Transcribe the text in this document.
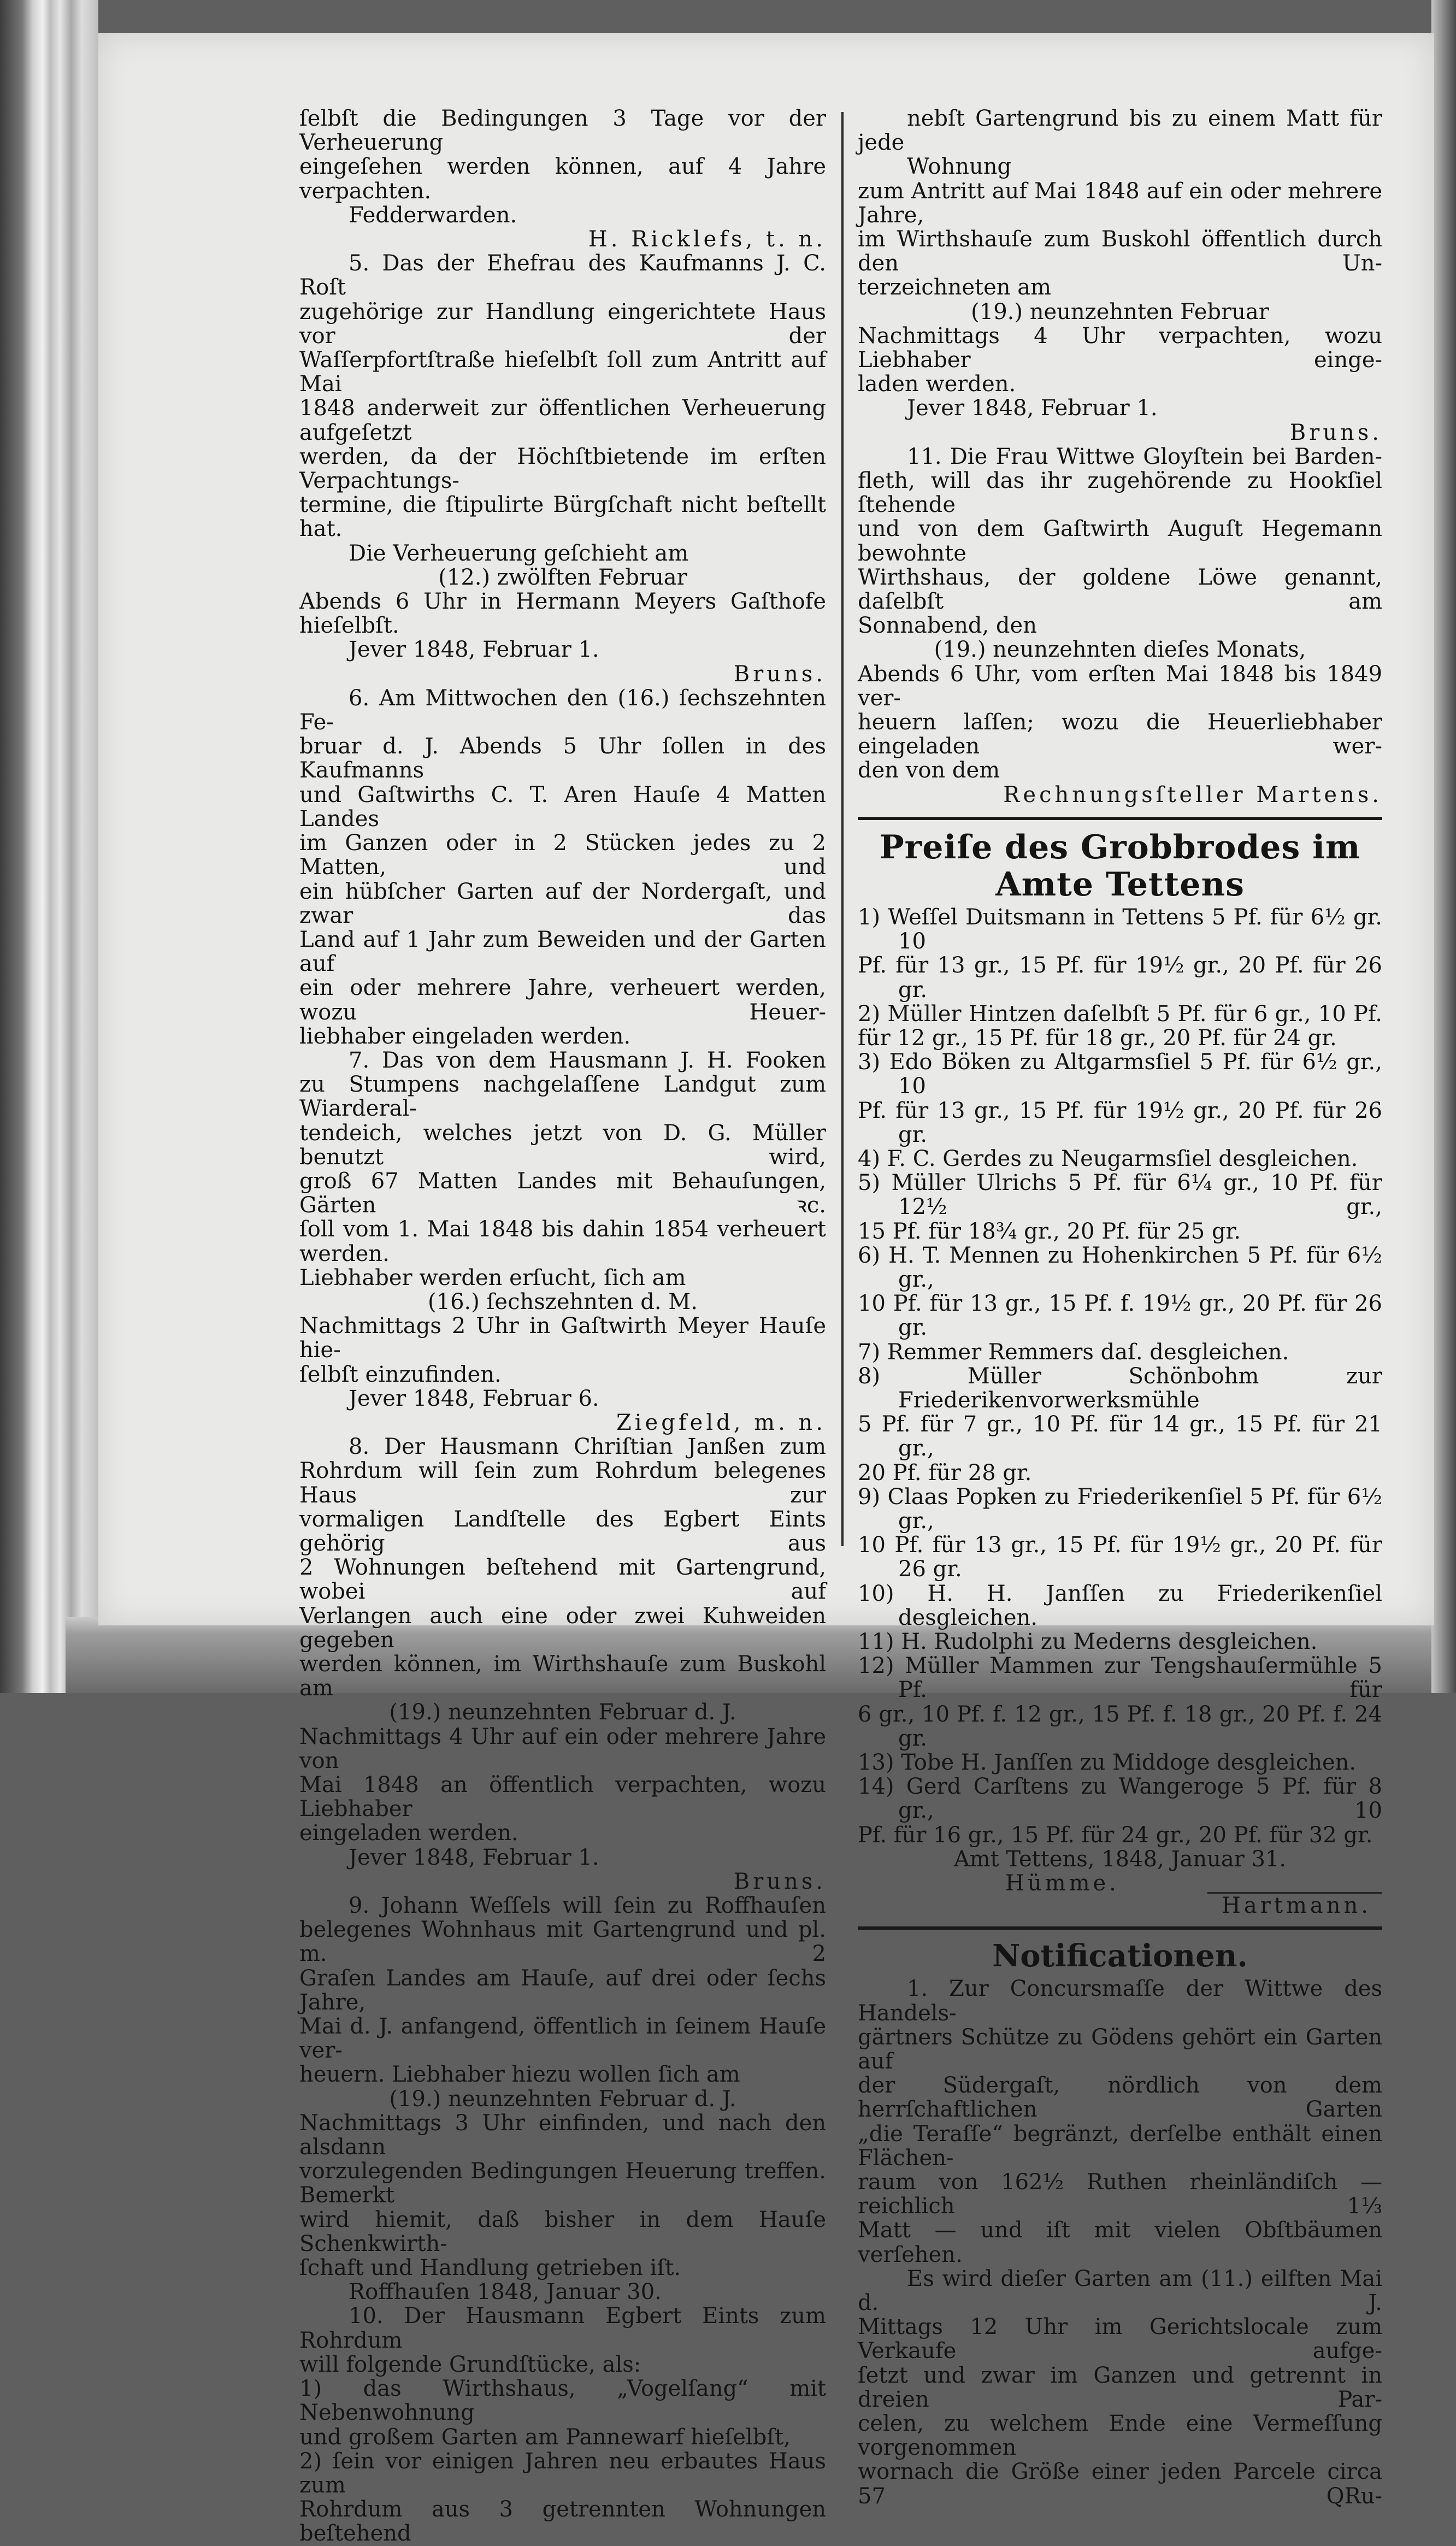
ſelbſt die Bedingungen 3 Tage vor der Verheuerung

eingeſehen werden können, auf 4 Jahre verpachten.

Fedderwarden.

H. Ricklefs, t. n.

5. Das der Ehefrau des Kaufmanns J. C. Roſt

zugehörige zur Handlung eingerichtete Haus vor der

Waſſerpfortſtraße hieſelbſt ſoll zum Antritt auf Mai

1848 anderweit zur öffentlichen Verheuerung aufgeſetzt

werden, da der Höchſtbietende im erſten Verpachtungs-

termine, die ſtipulirte Bürgſchaft nicht beſtellt hat.

Die Verheuerung geſchieht am

(12.) zwölften Februar

Abends 6 Uhr in Hermann Meyers Gaſthofe hieſelbſt.

Jever 1848, Februar 1.

Bruns.

6. Am Mittwochen den (16.) ſechszehnten Fe-

bruar d. J. Abends 5 Uhr ſollen in des Kaufmanns

und Gaſtwirths C. T. Aren Hauſe 4 Matten Landes

im Ganzen oder in 2 Stücken jedes zu 2 Matten, und

ein hübſcher Garten auf der Nordergaſt, und zwar das

Land auf 1 Jahr zum Beweiden und der Garten auf

ein oder mehrere Jahre, verheuert werden, wozu Heuer-

liebhaber eingeladen werden.

7. Das von dem Hausmann J. H. Fooken

zu Stumpens nachgelaſſene Landgut zum Wiarderal-

tendeich, welches jetzt von D. G. Müller benutzt wird,

groß 67 Matten Landes mit Behauſungen, Gärten ꝛc.

ſoll vom 1. Mai 1848 bis dahin 1854 verheuert werden.

Liebhaber werden erſucht, ſich am

(16.) ſechszehnten d. M.

Nachmittags 2 Uhr in Gaſtwirth Meyer Hauſe hie-

ſelbſt einzufinden.

Jever 1848, Februar 6.

Ziegfeld, m. n.

8. Der Hausmann Chriſtian Janßen zum

Rohrdum will ſein zum Rohrdum belegenes Haus zur

vormaligen Landſtelle des Egbert Eints gehörig aus

2 Wohnungen beſtehend mit Gartengrund, wobei auf

Verlangen auch eine oder zwei Kuhweiden gegeben

werden können, im Wirthshauſe zum Buskohl am

(19.) neunzehnten Februar d. J.

Nachmittags 4 Uhr auf ein oder mehrere Jahre von

Mai 1848 an öffentlich verpachten, wozu Liebhaber

eingeladen werden.

Jever 1848, Februar 1.

Bruns.

9. Johann Weſſels will ſein zu Roffhauſen

belegenes Wohnhaus mit Gartengrund und pl. m. 2

Graſen Landes am Hauſe, auf drei oder ſechs Jahre,

Mai d. J. anfangend, öffentlich in ſeinem Hauſe ver-

heuern. Liebhaber hiezu wollen ſich am

(19.) neunzehnten Februar d. J.

Nachmittags 3 Uhr einfinden, und nach den alsdann

vorzulegenden Bedingungen Heuerung treffen. Bemerkt

wird hiemit, daß bisher in dem Hauſe Schenkwirth-

ſchaft und Handlung getrieben iſt.

Roffhauſen 1848, Januar 30.

10. Der Hausmann Egbert Eints zum Rohrdum

will folgende Grundſtücke, als:

1) das Wirthshaus, „Vogelſang“ mit Nebenwohnung

und großem Garten am Pannewarf hieſelbſt,

2) ſein vor einigen Jahren neu erbautes Haus zum

Rohrdum aus 3 getrennten Wohnungen beſtehend

nebſt Gartengrund bis zu einem Matt für jede

Wohnung

zum Antritt auf Mai 1848 auf ein oder mehrere Jahre,

im Wirthshauſe zum Buskohl öffentlich durch den Un-

terzeichneten am

(19.) neunzehnten Februar

Nachmittags 4 Uhr verpachten, wozu Liebhaber einge-

laden werden.

Jever 1848, Februar 1.

Bruns.

11. Die Frau Wittwe Gloyſtein bei Barden-

fleth, will das ihr zugehörende zu Hookſiel ſtehende

und von dem Gaſtwirth Auguſt Hegemann bewohnte

Wirthshaus, der goldene Löwe genannt, daſelbſt am

Sonnabend, den

(19.) neunzehnten dieſes Monats,

Abends 6 Uhr, vom erſten Mai 1848 bis 1849 ver-

heuern laſſen; wozu die Heuerliebhaber eingeladen wer-

den von dem

Rechnungsſteller Martens.

Preiſe des Grobbrodes im Amte Tettens

1) Weſſel Duitsmann in Tettens 5 Pf. für 6½ gr. 10

Pf. für 13 gr., 15 Pf. für 19½ gr., 20 Pf. für 26 gr.

2) Müller Hintzen daſelbſt 5 Pf. für 6 gr., 10 Pf.

für 12 gr., 15 Pf. für 18 gr., 20 Pf. für 24 gr.

3) Edo Böken zu Altgarmsſiel 5 Pf. für 6½ gr., 10

Pf. für 13 gr., 15 Pf. für 19½ gr., 20 Pf. für 26 gr.

4) F. C. Gerdes zu Neugarmsſiel desgleichen.

5) Müller Ulrichs 5 Pf. für 6¼ gr., 10 Pf. für 12½ gr.,

15 Pf. für 18¾ gr., 20 Pf. für 25 gr.

6) H. T. Mennen zu Hohenkirchen 5 Pf. für 6½ gr.,

10 Pf. für 13 gr., 15 Pf. f. 19½ gr., 20 Pf. für 26 gr.

7) Remmer Remmers daſ. desgleichen.

8) Müller Schönbohm zur Friederikenvorwerksmühle

5 Pf. für 7 gr., 10 Pf. für 14 gr., 15 Pf. für 21 gr.,

20 Pf. für 28 gr.

9) Claas Popken zu Friederikenſiel 5 Pf. für 6½ gr.,

10 Pf. für 13 gr., 15 Pf. für 19½ gr., 20 Pf. für 26 gr.

10) H. H. Janſſen zu Friederikenſiel desgleichen.

11) H. Rudolphi zu Mederns desgleichen.

12) Müller Mammen zur Tengshauſermühle 5 Pf. für

6 gr., 10 Pf. f. 12 gr., 15 Pf. f. 18 gr., 20 Pf. f. 24 gr.

13) Tobe H. Janſſen zu Middoge desgleichen.

14) Gerd Carſtens zu Wangeroge 5 Pf. für 8 gr., 10

Pf. für 16 gr., 15 Pf. für 24 gr., 20 Pf. für 32 gr.

Amt Tettens, 1848, Januar 31.

Hümme.

Hartmann.

Notificationen.

1. Zur Concursmaſſe der Wittwe des Handels-

gärtners Schütze zu Gödens gehört ein Garten auf

der Südergaſt, nördlich von dem herrſchaftlichen Garten

„die Teraſſe“ begränzt, derſelbe enthält einen Flächen-

raum von 162½ Ruthen rheinländiſch — reichlich 1⅓

Matt — und iſt mit vielen Obſtbäumen verſehen.

Es wird dieſer Garten am (11.) eilften Mai d. J.

Mittags 12 Uhr im Gerichtslocale zum Verkaufe aufge-

ſetzt und zwar im Ganzen und getrennt in dreien Par-

celen, zu welchem Ende eine Vermeſſung vorgenommen

wornach die Größe einer jeden Parcele circa 57 QRu-
